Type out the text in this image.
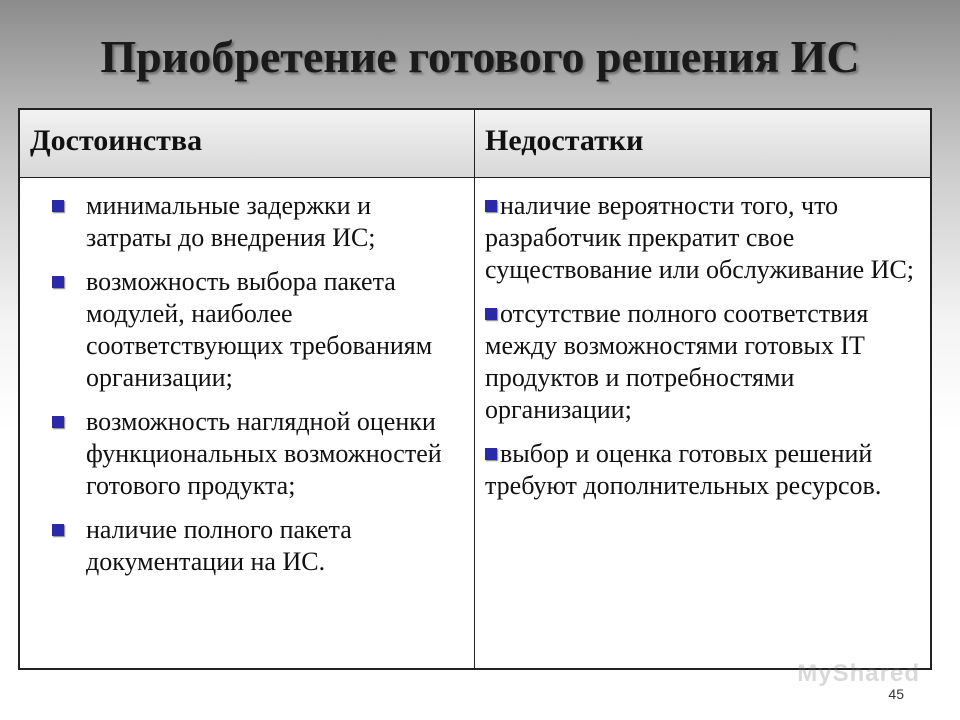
Приобретение готового решения ИС
Достоинства	Недостатки
минимальные задержки и затраты до внедрения ИС;
возможность выбора пакета модулей, наиболее соответствующих требованиям организации;
возможность наглядной оценки функциональных возможностей готового продукта;
наличие полного пакета документации на ИС.
наличие вероятности того, что разработчик прекратит свое существование или обслуживание ИС;
отсутствие полного соответствия между возможностями готовых IT продуктов и потребностями организации;
выбор и оценка готовых решений требуют дополнительных ресурсов.
MyShared
45
